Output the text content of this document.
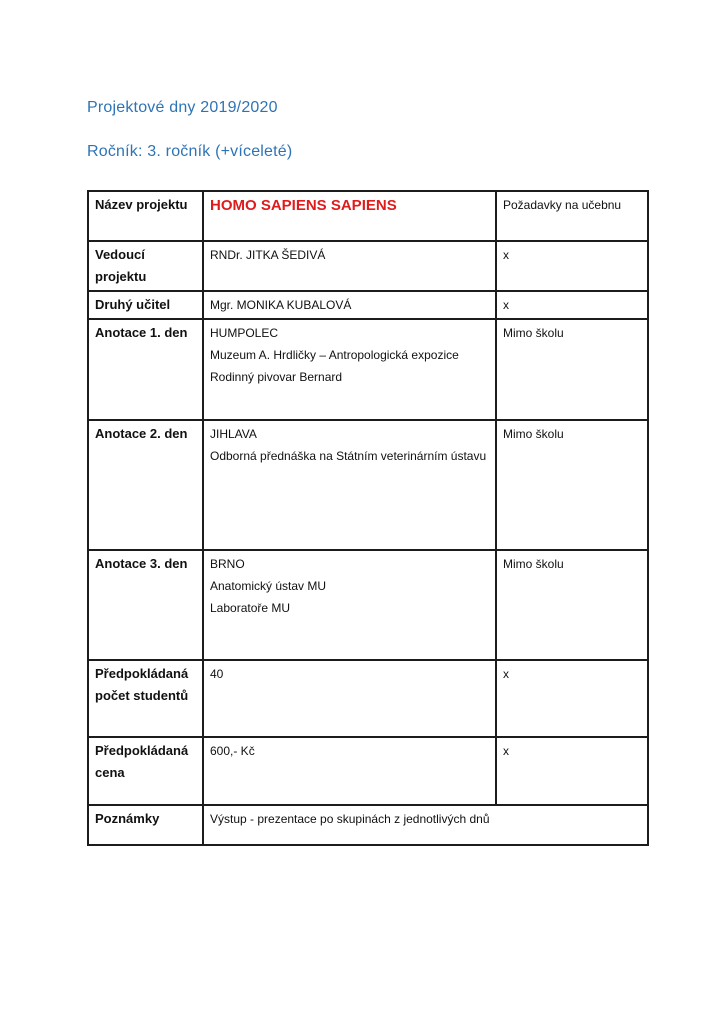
Projektové dny 2019/2020

Ročník: 3. ročník (+víceleté)

Název projektu	HOMO SAPIENS SAPIENS	Požadavky na učebnu
Vedoucí projektu	RNDr. JITKA ŠEDIVÁ	x
Druhý učitel	Mgr. MONIKA KUBALOVÁ	x
Anotace 1. den	HUMPOLEC
Muzeum A. Hrdličky – Antropologická expozice
Rodinný pivovar Bernard	Mimo školu
Anotace 2. den	JIHLAVA
Odborná přednáška na Státním veterinárním ústavu	Mimo školu
Anotace 3. den	BRNO
Anatomický ústav MU
Laboratoře MU	Mimo školu
Předpokládaná počet studentů	40	x
Předpokládaná cena	600,- Kč	x
Poznámky	Výstup - prezentace po skupinách z jednotlivých dnů	
